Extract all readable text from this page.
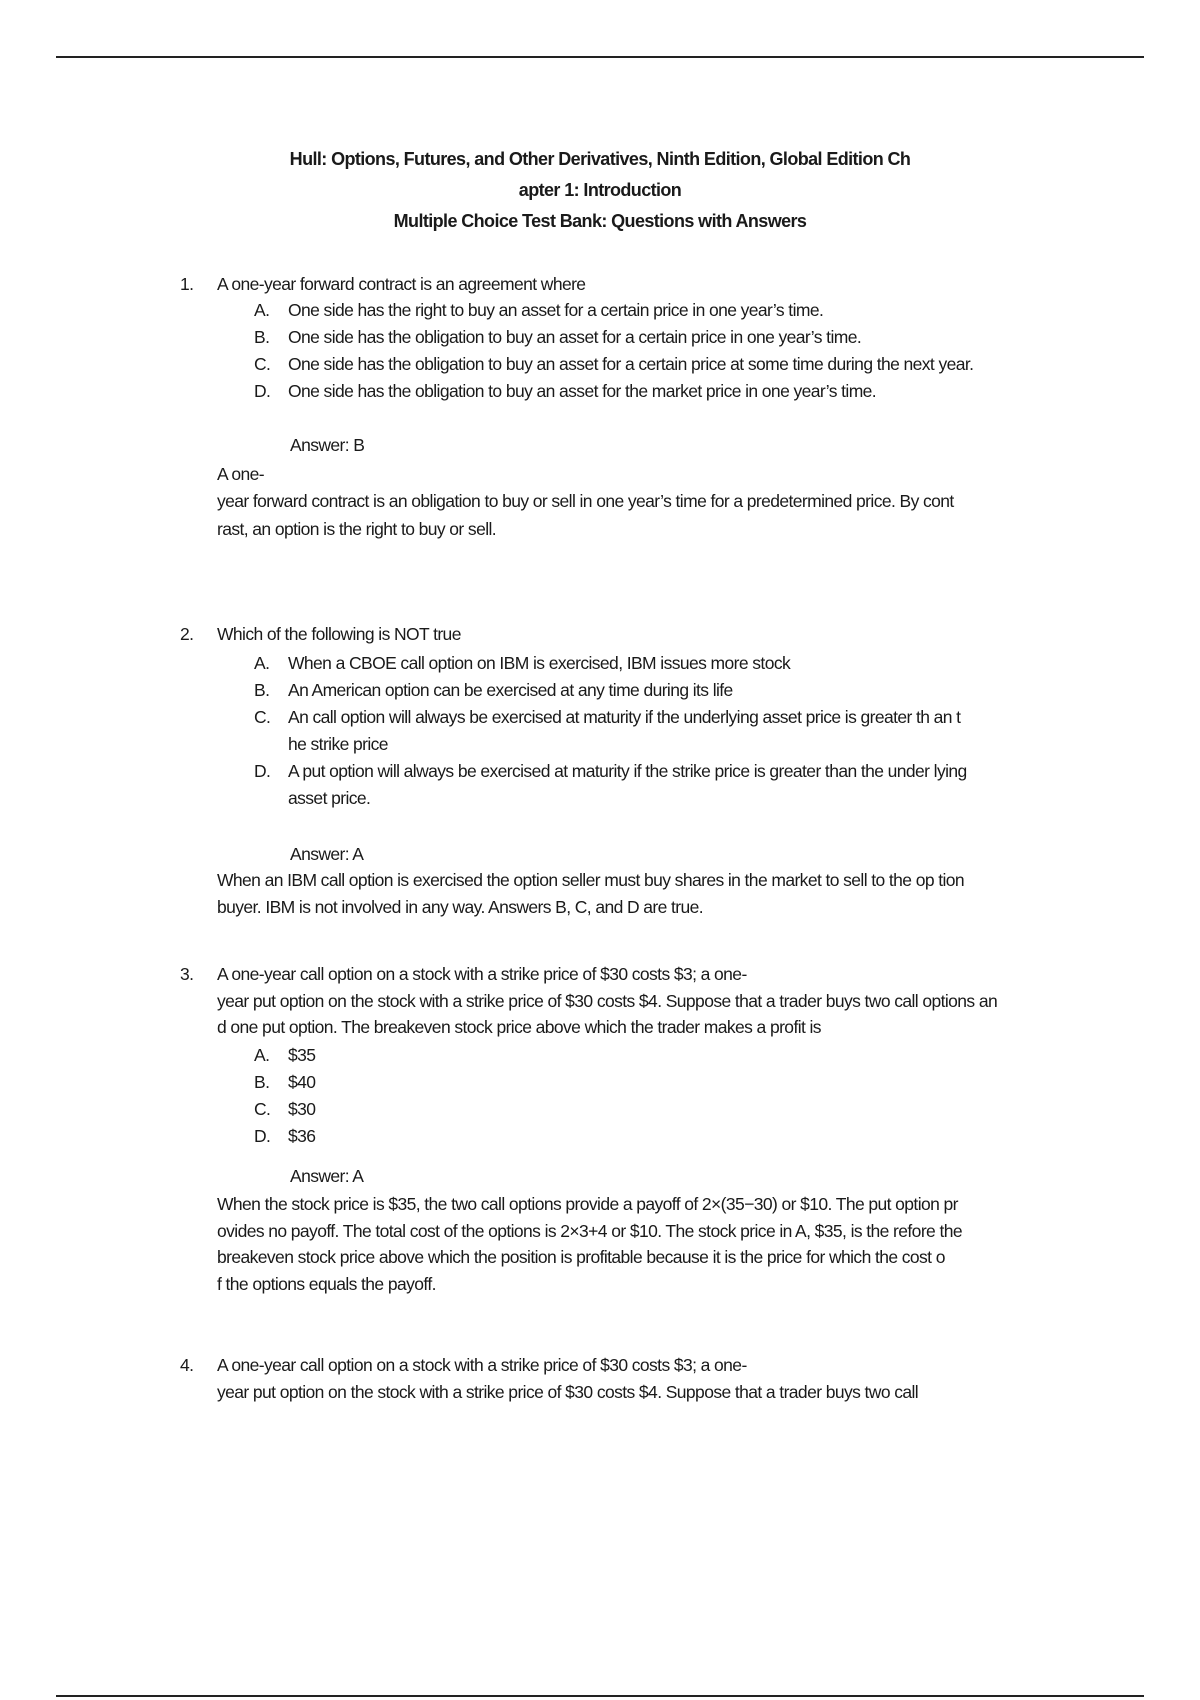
Hull: Options, Futures, and Other Derivatives, Ninth Edition, Global Edition Ch
apter 1: Introduction
Multiple Choice Test Bank: Questions with Answers
1. A one-year forward contract is an agreement where
A. One side has the right to buy an asset for a certain price in one year’s time.
B. One side has the obligation to buy an asset for a certain price in one year’s time.
C. One side has the obligation to buy an asset for a certain price at some time during the next year.
D. One side has the obligation to buy an asset for the market price in one year’s time.
Answer: B
A one-
year forward contract is an obligation to buy or sell in one year’s time for a predetermined price. By cont
rast, an option is the right to buy or sell.
2. Which of the following is NOT true
A. When a CBOE call option on IBM is exercised, IBM issues more stock
B. An American option can be exercised at any time during its life
C. An call option will always be exercised at maturity if the underlying asset price is greater th an t
he strike price
D. A put option will always be exercised at maturity if the strike price is greater than the under lying
asset price.
Answer: A
When an IBM call option is exercised the option seller must buy shares in the market to sell to the op tion
buyer. IBM is not involved in any way. Answers B, C, and D are true.
3. A one-year call option on a stock with a strike price of $30 costs $3; a one-
year put option on the stock with a strike price of $30 costs $4. Suppose that a trader buys two call options an
d one put option. The breakeven stock price above which the trader makes a profit is
A. $35
B. $40
C. $30
D. $36
Answer: A
When the stock price is $35, the two call options provide a payoff of 2×(35−30) or $10. The put option pr
ovides no payoff. The total cost of the options is 2×3+4 or $10. The stock price in A, $35, is the refore the
breakeven stock price above which the position is profitable because it is the price for which the cost o
f the options equals the payoff.
4. A one-year call option on a stock with a strike price of $30 costs $3; a one-
year put option on the stock with a strike price of $30 costs $4. Suppose that a trader buys two call
